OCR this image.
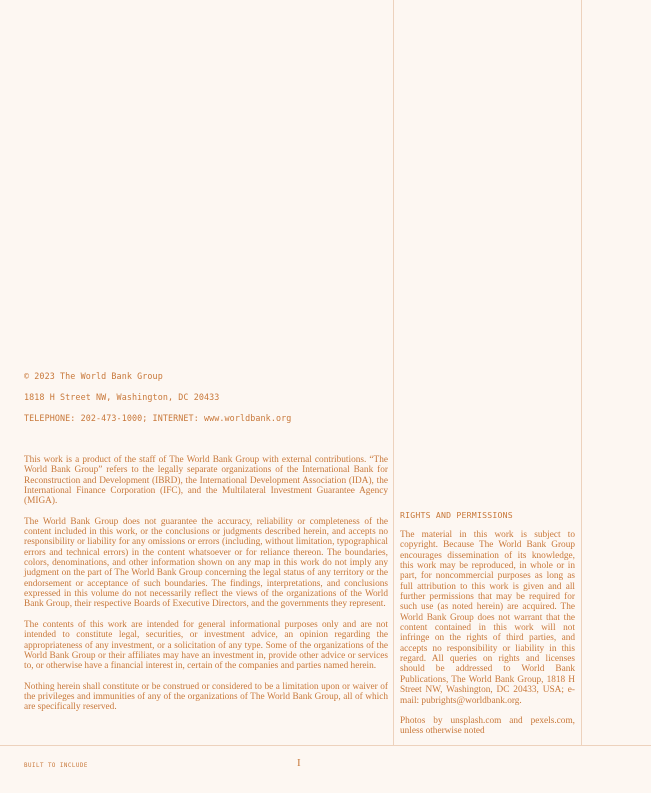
© 2023 The World Bank Group
1818 H Street NW, Washington, DC 20433
TELEPHONE: 202-473-1000; INTERNET: www.worldbank.org

This work is a product of the staff of The World Bank Group with external contributions. “The World Bank Group” refers to the legally separate organizations of the International Bank for Reconstruction and Development (IBRD), the International Development Association (IDA), the International Finance Corporation (IFC), and the Multilateral Investment Guarantee Agency (MIGA).

The World Bank Group does not guarantee the accuracy, reliability or completeness of the content included in this work, or the conclusions or judgments described herein, and accepts no responsibility or liability for any omissions or errors (including, without limitation, typographical errors and technical errors) in the content whatsoever or for reliance thereon. The boundaries, colors, denominations, and other information shown on any map in this work do not imply any judgment on the part of The World Bank Group concerning the legal status of any territory or the endorsement or acceptance of such boundaries. The findings, interpretations, and conclusions expressed in this volume do not necessarily reflect the views of the organizations of the World Bank Group, their respective Boards of Executive Directors, and the governments they represent.

The contents of this work are intended for general informational purposes only and are not intended to constitute legal, securities, or investment advice, an opinion regarding the appropriateness of any investment, or a solicitation of any type. Some of the organizations of the World Bank Group or their affiliates may have an investment in, provide other advice or services to, or otherwise have a financial interest in, certain of the companies and parties named herein.

Nothing herein shall constitute or be construed or considered to be a limitation upon or waiver of the privileges and immunities of any of the organizations of The World Bank Group, all of which are specifically reserved.

RIGHTS AND PERMISSIONS

The material in this work is subject to copyright. Because The World Bank Group encourages dissemination of its knowledge, this work may be reproduced, in whole or in part, for noncommercial purposes as long as full attribution to this work is given and all further permissions that may be required for such use (as noted herein) are acquired. The World Bank Group does not warrant that the content contained in this work will not infringe on the rights of third parties, and accepts no responsibility or liability in this regard. All queries on rights and licenses should be addressed to World Bank Publications, The World Bank Group, 1818 H Street NW, Washington, DC 20433, USA; e-mail: pubrights@worldbank.org.

Photos by unsplash.com and pexels.com, unless otherwise noted

BUILT TO INCLUDE	I
